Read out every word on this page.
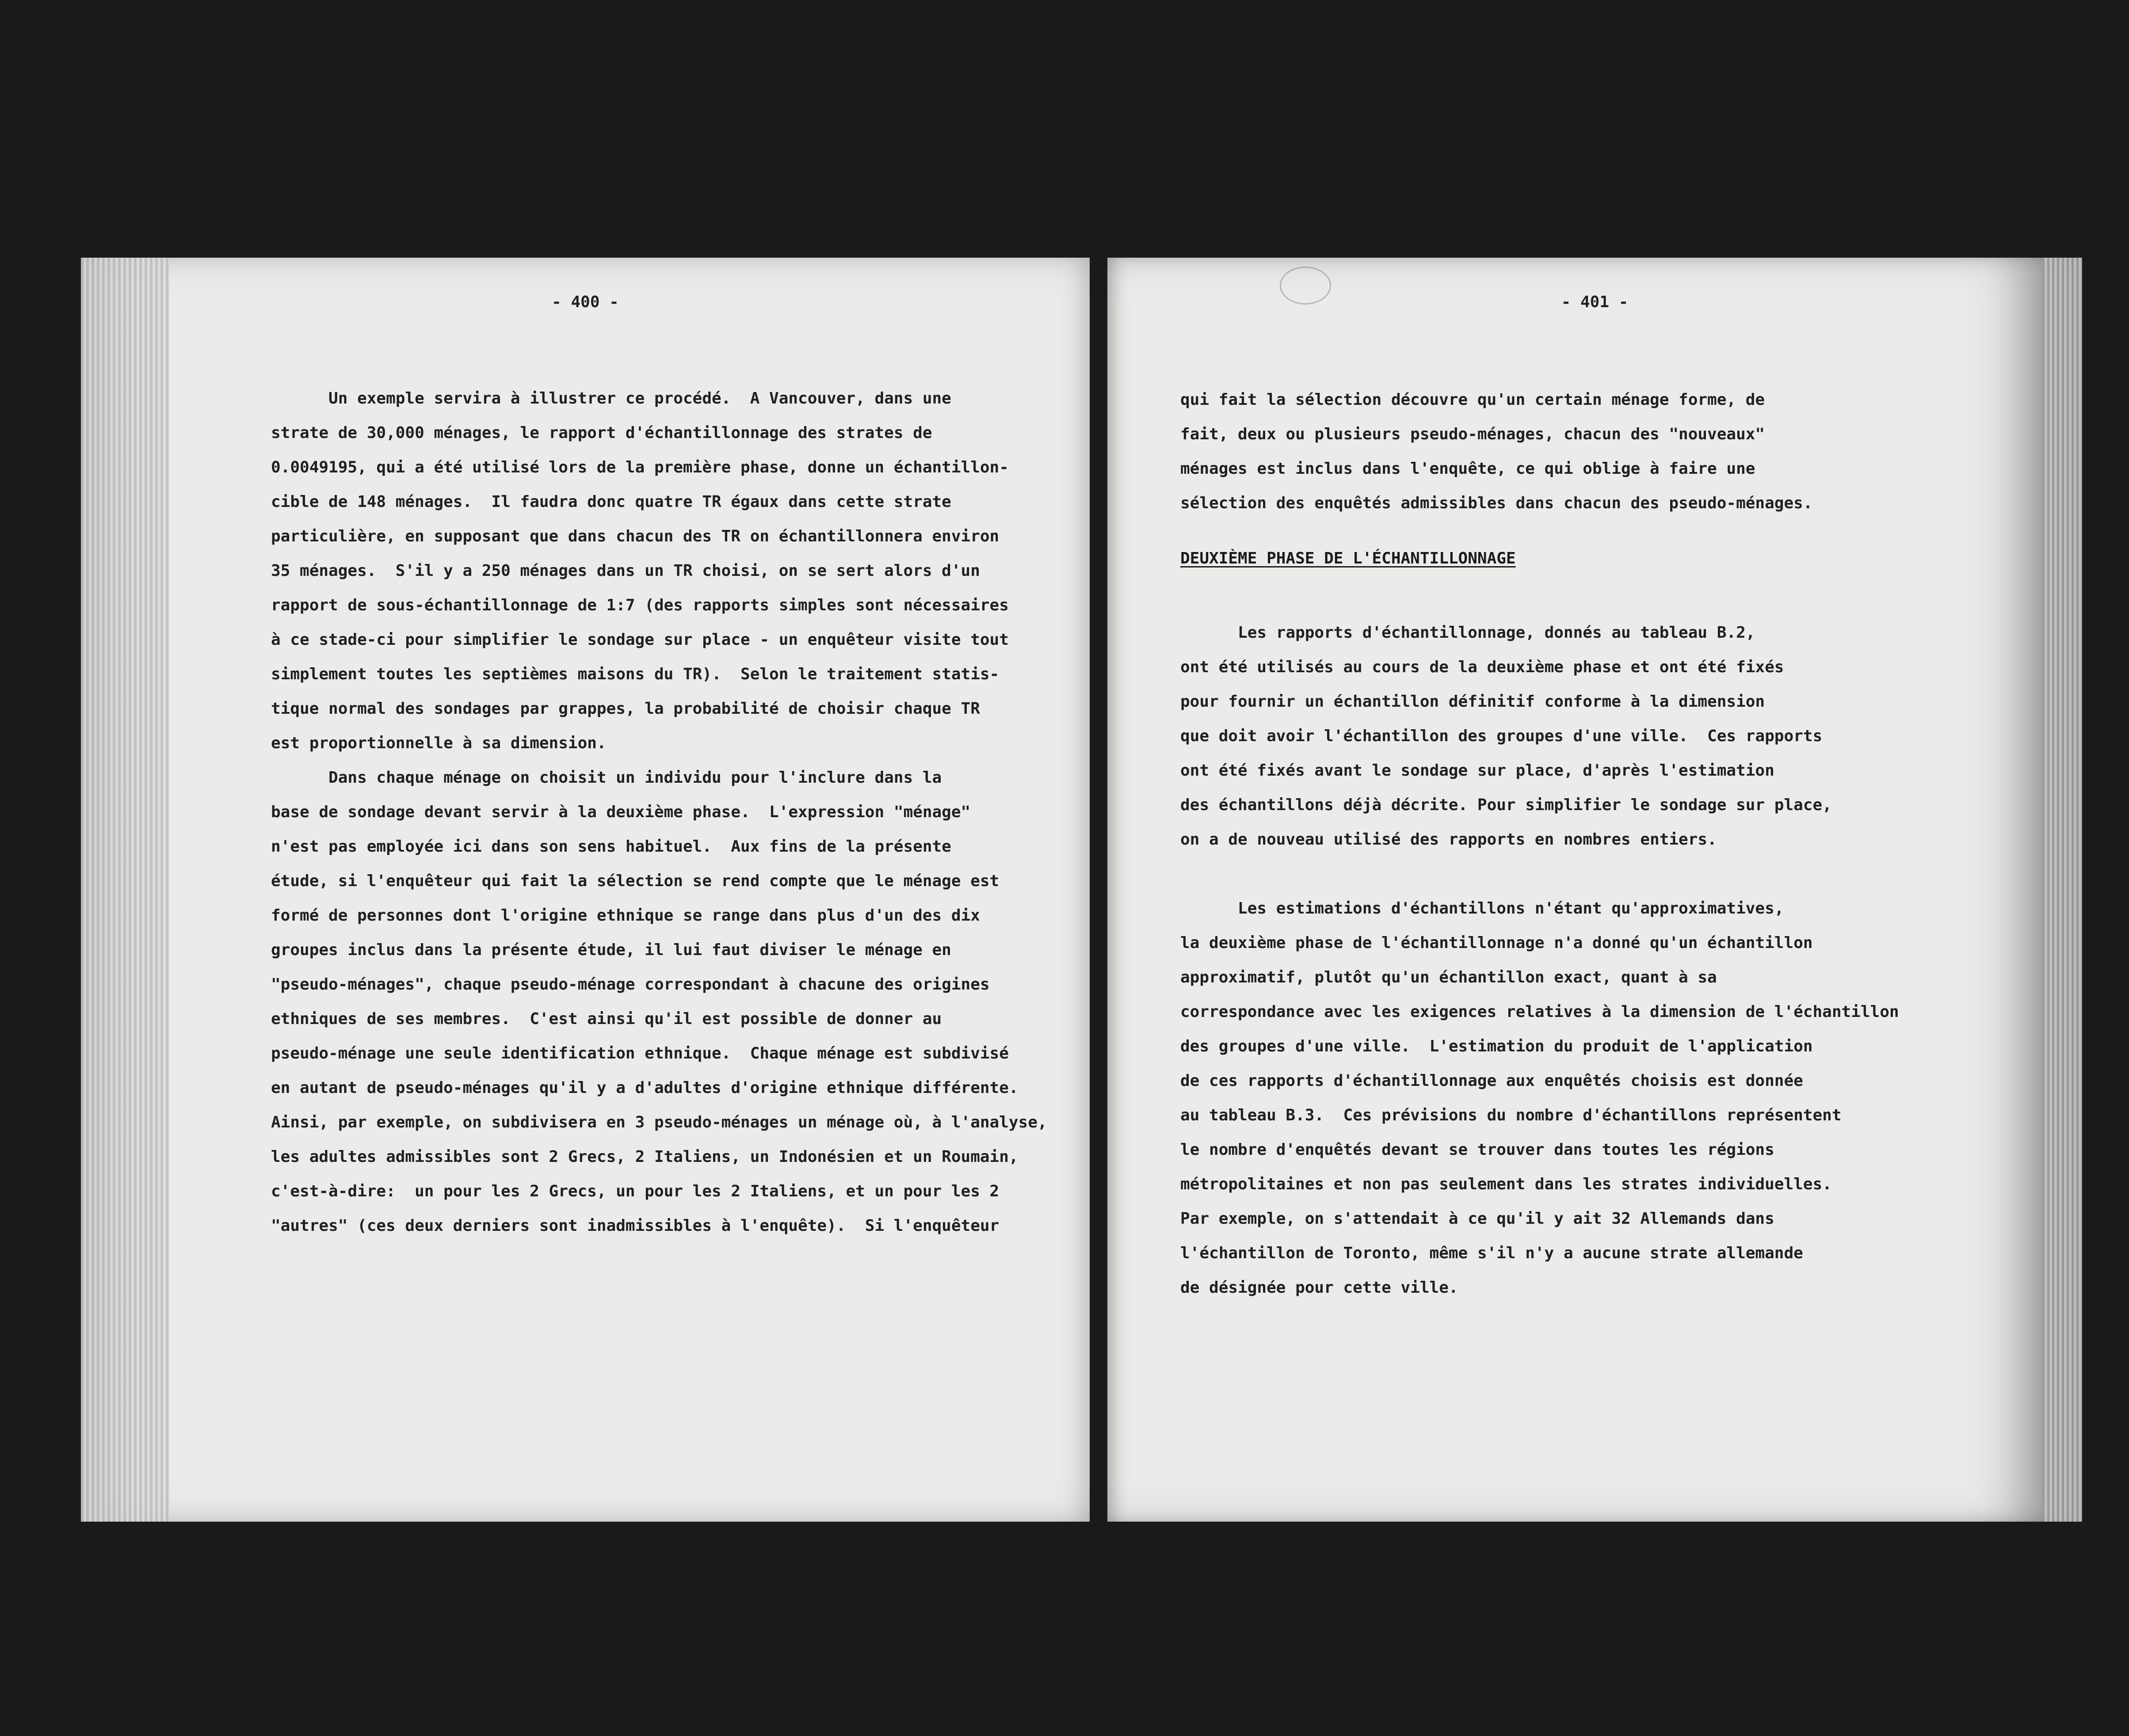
- 400 -
Un exemple servira à illustrer ce procédé.  A Vancouver, dans une
strate de 30,000 ménages, le rapport d'échantillonnage des strates de
0.0049195, qui a été utilisé lors de la première phase, donne un échantillon-
cible de 148 ménages.  Il faudra donc quatre TR égaux dans cette strate
particulière, en supposant que dans chacun des TR on échantillonnera environ
35 ménages.  S'il y a 250 ménages dans un TR choisi, on se sert alors d'un
rapport de sous-échantillonnage de 1:7 (des rapports simples sont nécessaires
à ce stade-ci pour simplifier le sondage sur place - un enquêteur visite tout
simplement toutes les septièmes maisons du TR).  Selon le traitement statis-
tique normal des sondages par grappes, la probabilité de choisir chaque TR
est proportionnelle à sa dimension.
Dans chaque ménage on choisit un individu pour l'inclure dans la
base de sondage devant servir à la deuxième phase.  L'expression "ménage"
n'est pas employée ici dans son sens habituel.  Aux fins de la présente
étude, si l'enquêteur qui fait la sélection se rend compte que le ménage est
formé de personnes dont l'origine ethnique se range dans plus d'un des dix
groupes inclus dans la présente étude, il lui faut diviser le ménage en
"pseudo-ménages", chaque pseudo-ménage correspondant à chacune des origines
ethniques de ses membres.  C'est ainsi qu'il est possible de donner au
pseudo-ménage une seule identification ethnique.  Chaque ménage est subdivisé
en autant de pseudo-ménages qu'il y a d'adultes d'origine ethnique différente.
Ainsi, par exemple, on subdivisera en 3 pseudo-ménages un ménage où, à l'analyse,
les adultes admissibles sont 2 Grecs, 2 Italiens, un Indonésien et un Roumain,
c'est-à-dire:  un pour les 2 Grecs, un pour les 2 Italiens, et un pour les 2
"autres" (ces deux derniers sont inadmissibles à l'enquête).  Si l'enquêteur

- 401 -
qui fait la sélection découvre qu'un certain ménage forme, de
fait, deux ou plusieurs pseudo-ménages, chacun des "nouveaux"
ménages est inclus dans l'enquête, ce qui oblige à faire une
sélection des enquêtés admissibles dans chacun des pseudo-ménages.

DEUXIÈME PHASE DE L'ÉCHANTILLONNAGE
Les rapports d'échantillonnage, donnés au tableau B.2,
ont été utilisés au cours de la deuxième phase et ont été fixés
pour fournir un échantillon définitif conforme à la dimension
que doit avoir l'échantillon des groupes d'une ville.  Ces rapports
ont été fixés avant le sondage sur place, d'après l'estimation
des échantillons déjà décrite. Pour simplifier le sondage sur place,
on a de nouveau utilisé des rapports en nombres entiers.

Les estimations d'échantillons n'étant qu'approximatives,
la deuxième phase de l'échantillonnage n'a donné qu'un échantillon
approximatif, plutôt qu'un échantillon exact, quant à sa
correspondance avec les exigences relatives à la dimension de l'échantillon
des groupes d'une ville.  L'estimation du produit de l'application
de ces rapports d'échantillonnage aux enquêtés choisis est donnée
au tableau B.3.  Ces prévisions du nombre d'échantillons représentent
le nombre d'enquêtés devant se trouver dans toutes les régions
métropolitaines et non pas seulement dans les strates individuelles.
Par exemple, on s'attendait à ce qu'il y ait 32 Allemands dans
l'échantillon de Toronto, même s'il n'y a aucune strate allemande
de désignée pour cette ville.
